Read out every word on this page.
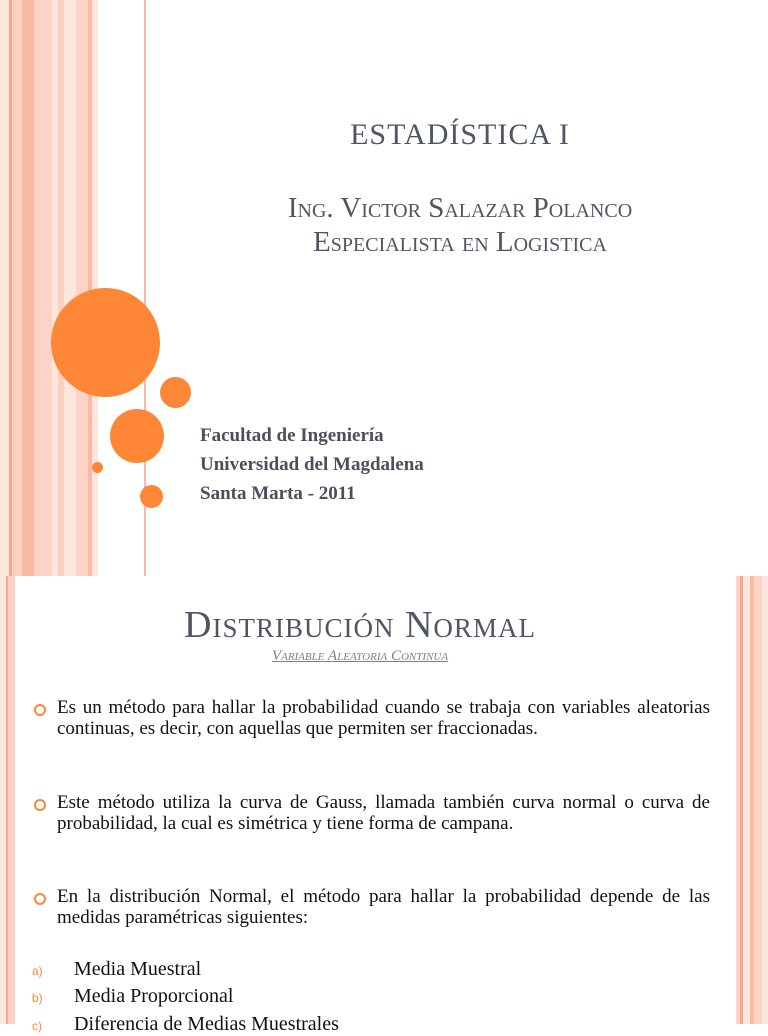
ESTADÍSTICA I

Ing. Victor Salazar Polanco

Especialista en Logistica

Facultad de Ingeniería

Universidad del Magdalena

Santa Marta - 2011

Distribución Normal

Variable Aleatoria Continua

Es un método para hallar la probabilidad cuando se trabaja con variables aleatorias continuas, es decir, con aquellas que permiten ser fraccionadas.

Este método utiliza la curva de Gauss, llamada también curva normal o curva de probabilidad, la cual es simétrica y tiene forma de campana.

En la distribución Normal, el método para hallar la probabilidad depende de las medidas paramétricas siguientes:

a) Media Muestral

b) Media Proporcional

c) Diferencia de Medias Muestrales
